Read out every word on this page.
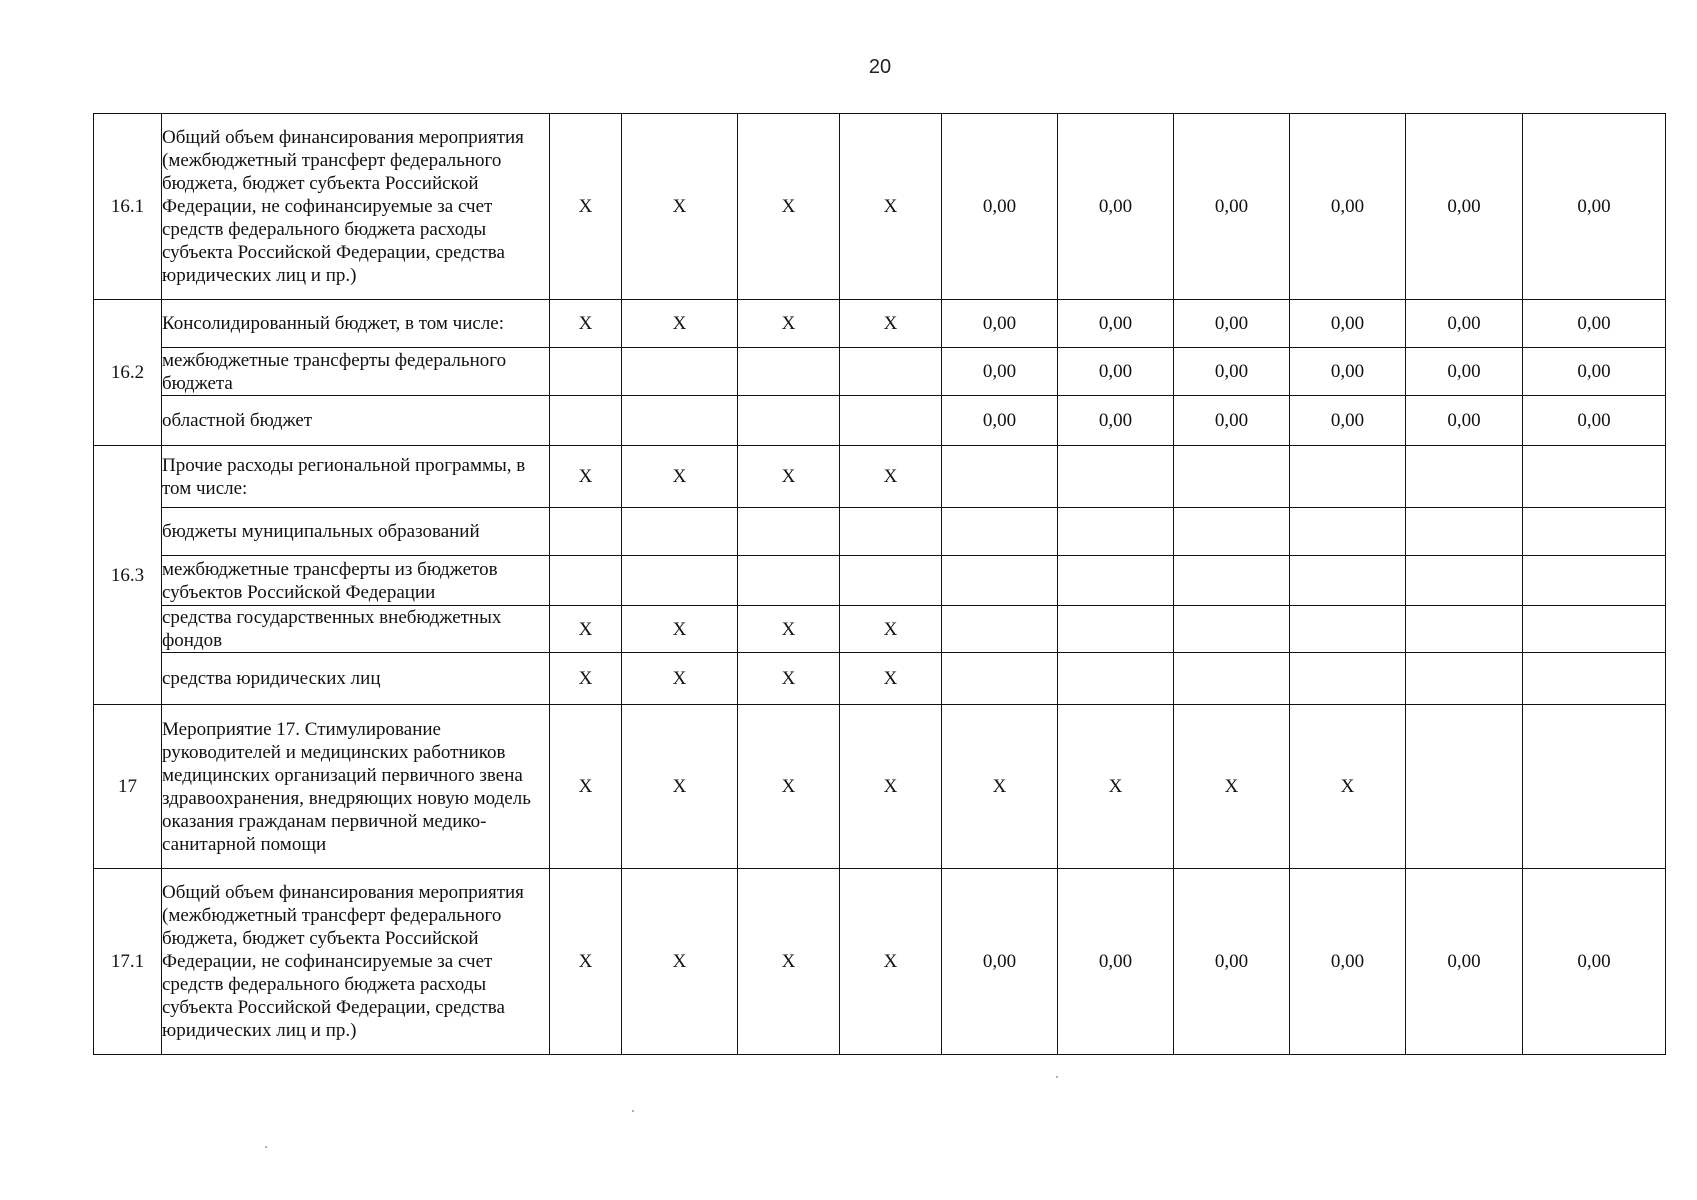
20
16.1	Общий объем финансирования мероприятия (межбюджетный трансферт федерального бюджета, бюджет субъекта Российской Федерации, не софинансируемые за счет средств федерального бюджета расходы субъекта Российской Федерации, средства юридических лиц и пр.)	X	X	X	X	0,00	0,00	0,00	0,00	0,00	0,00
16.2	Консолидированный бюджет, в том числе:	X	X	X	X	0,00	0,00	0,00	0,00	0,00	0,00
	межбюджетные трансферты федерального бюджета					0,00	0,00	0,00	0,00	0,00	0,00
	областной бюджет					0,00	0,00	0,00	0,00	0,00	0,00
16.3	Прочие расходы региональной программы, в том числе:	X	X	X	X						
	бюджеты муниципальных образований										
	межбюджетные трансферты из бюджетов субъектов Российской Федерации										
	средства государственных внебюджетных фондов	X	X	X	X						
	средства юридических лиц	X	X	X	X						
17	Мероприятие 17. Стимулирование руководителей и медицинских работников медицинских организаций первичного звена здравоохранения, внедряющих новую модель оказания гражданам первичной медико-санитарной помощи	X	X	X	X	X	X	X	X		
17.1	Общий объем финансирования мероприятия (межбюджетный трансферт федерального бюджета, бюджет субъекта Российской Федерации, не софинансируемые за счет средств федерального бюджета расходы субъекта Российской Федерации, средства юридических лиц и пр.)	X	X	X	X	0,00	0,00	0,00	0,00	0,00	0,00
